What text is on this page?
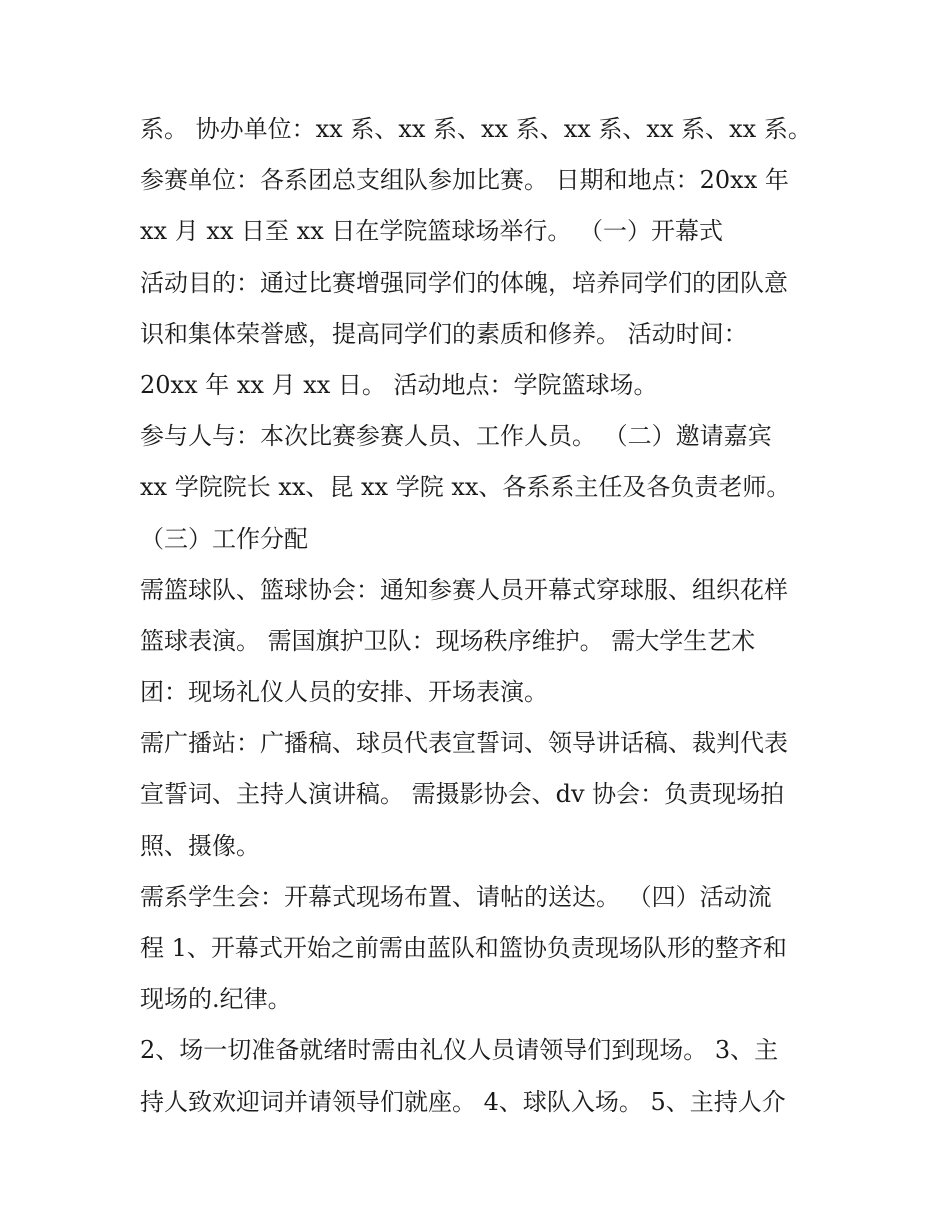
系。 协办单位：xx 系、xx 系、xx 系、xx 系、xx 系、xx 系。
参赛单位：各系团总支组队参加比赛。 日期和地点：20xx 年
xx 月 xx 日至 xx 日在学院篮球场举行。 （一）开幕式
活动目的：通过比赛增强同学们的体魄，培养同学们的团队意
识和集体荣誉感，提高同学们的素质和修养。 活动时间：
20xx 年 xx 月 xx 日。 活动地点：学院篮球场。
参与人与：本次比赛参赛人员、工作人员。 （二）邀请嘉宾
xx 学院院长 xx、昆 xx 学院 xx、各系系主任及各负责老师。
（三）工作分配
需篮球队、篮球协会：通知参赛人员开幕式穿球服、组织花样
篮球表演。 需国旗护卫队：现场秩序维护。 需大学生艺术
团：现场礼仪人员的安排、开场表演。
需广播站：广播稿、球员代表宣誓词、领导讲话稿、裁判代表
宣誓词、主持人演讲稿。 需摄影协会、dv 协会：负责现场拍
照、摄像。
需系学生会：开幕式现场布置、请帖的送达。 （四）活动流
程 1、开幕式开始之前需由蓝队和篮协负责现场队形的整齐和
现场的.纪律。
2、场一切准备就绪时需由礼仪人员请领导们到现场。 3、主
持人致欢迎词并请领导们就座。 4、球队入场。 5、主持人介
